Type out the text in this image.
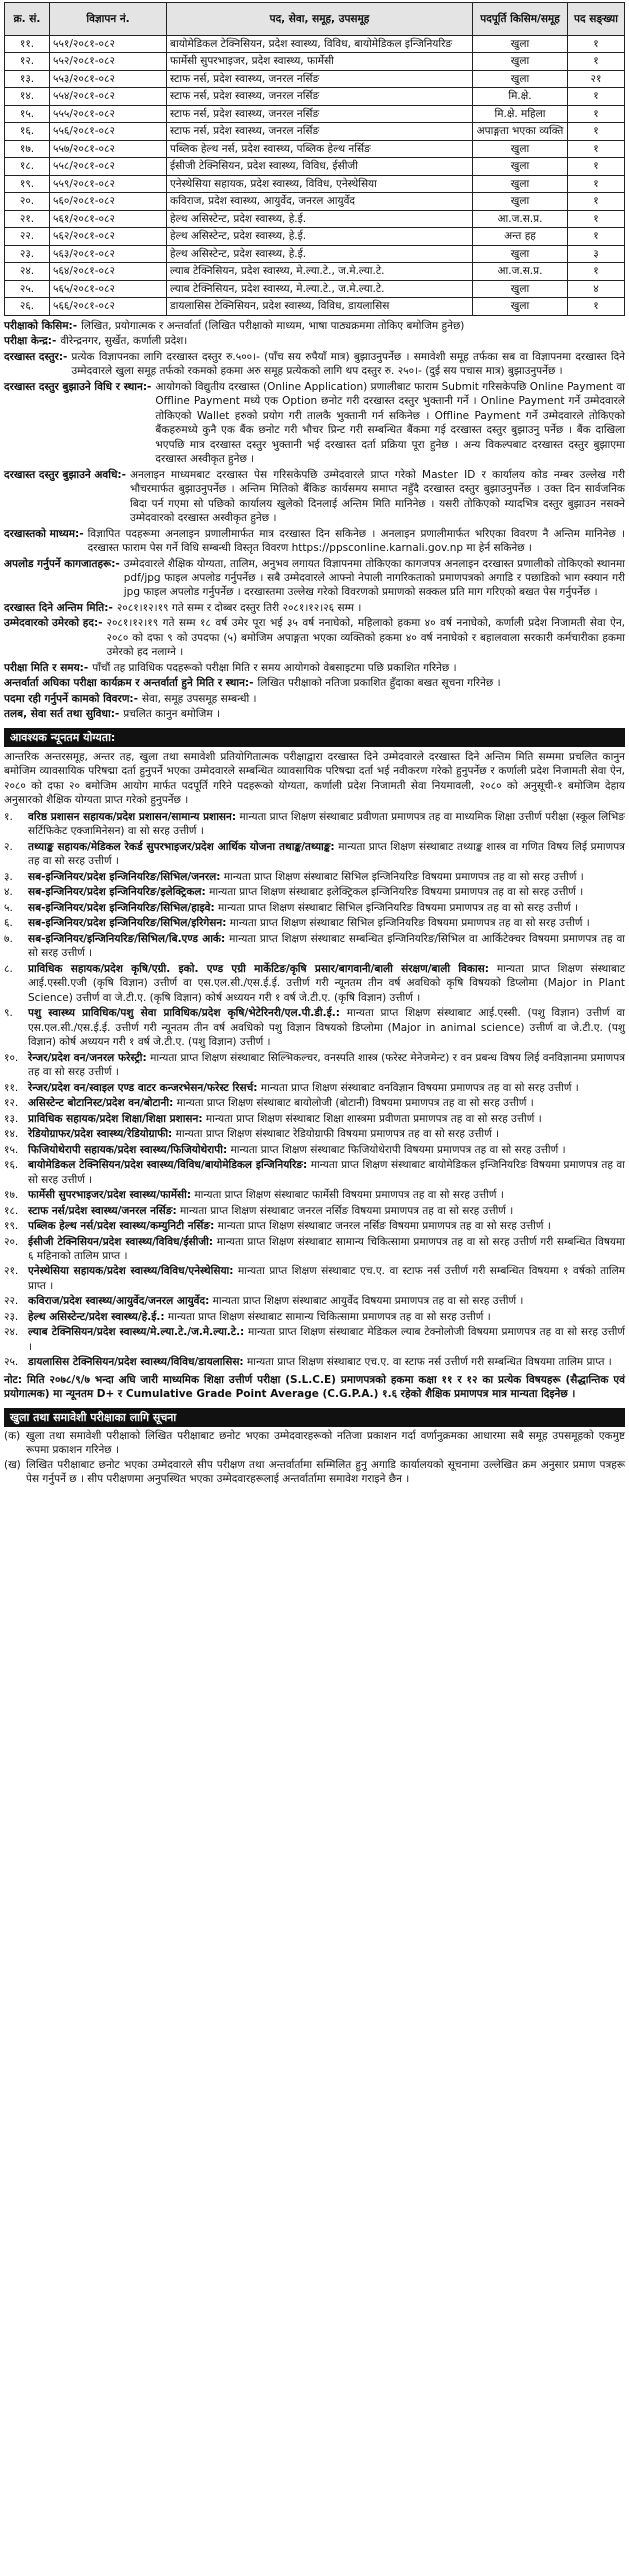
क्र. सं.	विज्ञापन नं.	पद, सेवा, समूह, उपसमूह	पदपूर्ति किसिम/समूह	पद सङ्ख्या
११.	५५१/२०८१-०८२	बायोमेडिकल टेक्निसियन, प्रदेश स्वास्थ्य, विविध, बायोमेडिकल इन्जिनियरिङ	खुला	१
१२.	५५२/२०८१-०८२	फार्मेसी सुपरभाइजर, प्रदेश स्वास्थ्य, फार्मेसी	खुला	१
१३.	५५३/२०८१-०८२	स्टाफ नर्स, प्रदेश स्वास्थ्य, जनरल नर्सिङ	खुला	२१
१४.	५५४/२०८१-०८२	स्टाफ नर्स, प्रदेश स्वास्थ्य, जनरल नर्सिङ	मि.क्षे.	१
१५.	५५५/२०८१-०८२	स्टाफ नर्स, प्रदेश स्वास्थ्य, जनरल नर्सिङ	मि.क्षे. महिला	१
१६.	५५६/२०८१-०८२	स्टाफ नर्स, प्रदेश स्वास्थ्य, जनरल नर्सिङ	अपाङ्गता भएका व्यक्ति	१
१७.	५५७/२०८१-०८२	पब्लिक हेल्थ नर्स, प्रदेश स्वास्थ्य, पब्लिक हेल्थ नर्सिङ	खुला	१
१८.	५५८/२०८१-०८२	ईसीजी टेक्निसियन, प्रदेश स्वास्थ्य, विविध, ईसीजी	खुला	१
१९.	५५९/२०८१-०८२	एनेस्थेसिया सहायक, प्रदेश स्वास्थ्य, विविध, एनेस्थेसिया	खुला	१
२०.	५६०/२०८१-०८२	कविराज, प्रदेश स्वास्थ्य, आयुर्वेद, जनरल आयुर्वेद	खुला	१
२१.	५६१/२०८१-०८२	हेल्थ असिस्टेन्ट, प्रदेश स्वास्थ्य, हे.ई.	आ.ज.स.प्र.	१
२२.	५६२/२०८१-०८२	हेल्थ असिस्टेन्ट, प्रदेश स्वास्थ्य, हे.ई.	अन्त हह	१
२३.	५६३/२०८१-०८२	हेल्थ असिस्टेन्ट, प्रदेश स्वास्थ्य, हे.ई.	खुला	३
२४.	५६४/२०८१-०८२	ल्याब टेक्निसियन, प्रदेश स्वास्थ्य, मे.ल्या.टे., ज.मे.ल्या.टे.	आ.ज.स.प्र.	१
२५.	५६५/२०८१-०८२	ल्याब टेक्निसियन, प्रदेश स्वास्थ्य, मे.ल्या.टे., ज.मे.ल्या.टे.	खुला	४
२६.	५६६/२०८१-०८२	डायलासिस टेक्निसियन, प्रदेश स्वास्थ्य, विविध, डायलासिस	खुला	१
परीक्षाको किसिम:- लिखित, प्रयोगात्मक र अन्तर्वार्ता (लिखित परीक्षाको माध्यम, भाषा पाठ्यक्रममा तोकिए बमोजिम हुनेछ)
परीक्षा केन्द्र:- वीरेन्द्रनगर, सुर्खेत, कर्णाली प्रदेश।
दरखास्त दस्तुर:- प्रत्येक विज्ञापनका लागि दरखास्त दस्तुर रु.५००।- (पाँच सय रुपैयाँ मात्र) बुझाउनुपर्नेछ । समावेशी समूह तर्फका सब वा विज्ञापनमा दरखास्त दिने उम्मेदवारले खुला समूह तर्फको रकमको हकमा अरु समूह प्रत्येकको लागि थप दस्तुर रु. २५०।- (दुई सय पचास मात्र) बुझाउनुपर्नेछ ।
दरखास्त दस्तुर बुझाउने विधि र स्थान:- आयोगको विद्युतीय दरखास्त (Online Application) प्रणालीबाट फाराम Submit गरिसकेपछि Online Payment वा Offline Payment मध्ये एक Option छनोट गरी दरखास्त दस्तुर भुक्तानी गर्ने । Online Payment गर्ने उम्मेदवारले तोकिएको Wallet हरुको प्रयोग गरी तालकै भुक्तानी गर्न सकिनेछ । Offline Payment गर्ने उम्मेदवारले तोकिएको बैंकहरुमध्ये कुनै एक बैंक छनोट गरी भौचर प्रिन्ट गरी सम्बन्धित बैंकमा गई दरखास्त दस्तुर बुझाउनु पर्नेछ । बैंक दाखिला भएपछि मात्र दरखास्त दस्तुर भुक्तानी भई दरखास्त दर्ता प्रक्रिया पूरा हुनेछ । अन्य विकल्पबाट दरखास्त दस्तुर बुझाएमा दरखास्त अस्वीकृत हुनेछ ।
दरखास्त दस्तुर बुझाउने अवधि:- अनलाइन माध्यमबाट दरखास्त पेस गरिसकेपछि उम्मेदवारले प्राप्त गरेको Master ID र कार्यालय कोड नम्बर उल्लेख गरी भौचरमार्फत बुझाउनुपर्नेछ । अन्तिम मितिको बैंकिङ कार्यसमय समाप्त नहुँदै दरखास्त दस्तुर बुझाउनुपर्नेछ । उक्त दिन सार्वजनिक बिदा पर्न गएमा सो पछिको कार्यालय खुलेको दिनलाई अन्तिम मिति मानिनेछ । यसरी तोकिएको म्यादभित्र दस्तुर बुझाउन नसक्ने उम्मेदवारको दरखास्त अस्वीकृत हुनेछ ।
दरखास्तको माध्यम:- विज्ञापित पदहरूमा अनलाइन प्रणालीमार्फत मात्र दरखास्त दिन सकिनेछ । अनलाइन प्रणालीमार्फत भरिएका विवरण नै अन्तिम मानिनेछ । दरखास्त फाराम पेस गर्ने विधि सम्बन्धी विस्तृत विवरण https://ppsconline.karnali.gov.np मा हेर्न सकिनेछ ।
अपलोड गर्नुपर्ने कागजातहरू:- उम्मेदवारले शैक्षिक योग्यता, तालिम, अनुभव लगायत विज्ञापनमा तोकिएका कागजपत्र अनलाइन दरखास्त प्रणालीको तोकिएको स्थानमा pdf/jpg फाइल अपलोड गर्नुपर्नेछ । सबै उम्मेदवारले आफ्नो नेपाली नागरिकताको प्रमाणपत्रको अगाडि र पछाडिको भाग स्क्यान गरी jpg फाइल अपलोड गर्नुपर्नेछ । दरखास्तमा उल्लेख गरेको विवरणको प्रमाणको सक्कल प्रति माग गरिएको बखत पेस गर्नुपर्नेछ ।
दरखास्त दिने अन्तिम मिति:- २०८१।१२।१९ गते सम्म र दोब्बर दस्तुर तिरी २०८१।१२।२६ सम्म ।
उम्मेदवारको उमेरको हद:- २०८१।१२।१९ गते सम्म १८ वर्ष उमेर पूरा भई ३५ वर्ष ननाघेको, महिलाको हकमा ४० वर्ष ननाघेको, कर्णाली प्रदेश निजामती सेवा ऐन, २०८० को दफा ९ को उपदफा (५) बमोजिम अपाङ्गता भएका व्यक्तिको हकमा ४० वर्ष ननाघेको र बहालवाला सरकारी कर्मचारीका हकमा उमेरको हद नलाग्ने ।
परीक्षा मिति र समय:- पाँचौं तह प्राविधिक पदहरूको परीक्षा मिति र समय आयोगको वेबसाइटमा पछि प्रकाशित गरिनेछ ।
अन्तर्वार्ता अघिका परीक्षा कार्यक्रम र अन्तर्वार्ता हुने मिति र स्थान:- लिखित परीक्षाको नतिजा प्रकाशित हुँदाका बखत सूचना गरिनेछ ।
पदमा रही गर्नुपर्ने कामको विवरण:- सेवा, समूह उपसमूह सम्बन्धी ।
तलब, सेवा सर्त तथा सुविधा:- प्रचलित कानुन बमोजिम ।
आवश्यक न्यूनतम योग्यता:
आन्तरिक अन्तरसमूह, अन्तर तह, खुला तथा समावेशी प्रतियोगितात्मक परीक्षाद्वारा दरखास्त दिने उम्मेदवारले दरखास्त दिने अन्तिम मिति सम्ममा प्रचलित कानुन बमोजिम व्यावसायिक परिषद्मा दर्ता हुनुपर्ने भएका उम्मेदवारले सम्बन्धित व्यावसायिक परिषद्मा दर्ता भई नवीकरण गरेको हुनुपर्नेछ र कर्णाली प्रदेश निजामती सेवा ऐन, २०८० को दफा २० बमोजिम आयोग मार्फत पदपूर्ति गरिने पदहरूको योग्यता, कर्णाली प्रदेश निजामती सेवा नियमावली, २०८० को अनुसूची-१ बमोजिम देहाय अनुसारको शैक्षिक योग्यता प्राप्त गरेको हुनुपर्नेछ ।
१.	वरिष्ठ प्रशासन सहायक/प्रदेश प्रशासन/सामान्य प्रशासन: मान्यता प्राप्त शिक्षण संस्थाबाट प्रवीणता प्रमाणपत्र तह वा माध्यमिक शिक्षा उत्तीर्ण परीक्षा (स्कूल लिभिङ सर्टिफिकेट एक्जामिनेसन) वा सो सरह उत्तीर्ण ।
२.	तथ्याङ्क सहायक/मेडिकल रेकर्ड सुपरभाइजर/प्रदेश आर्थिक योजना तथाङ्क/तथ्याङ्क: मान्यता प्राप्त शिक्षण संस्थाबाट तथ्याङ्क शास्त्र वा गणित विषय लिई प्रमाणपत्र तह वा सो सरह उत्तीर्ण ।
३.	सब-इन्जिनियर/प्रदेश इन्जिनियरिङ/सिभिल/जनरल: मान्यता प्राप्त शिक्षण संस्थाबाट सिभिल इन्जिनियरिङ विषयमा प्रमाणपत्र तह वा सो सरह उत्तीर्ण ।
४.	सब-इन्जिनियर/प्रदेश इन्जिनियरिङ/इलेक्ट्रिकल: मान्यता प्राप्त शिक्षण संस्थाबाट इलेक्ट्रिकल इन्जिनियरिङ विषयमा प्रमाणपत्र तह वा सो सरह उत्तीर्ण ।
५.	सब-इन्जिनियर/प्रदेश इन्जिनियरिङ/सिभिल/हाइवे: मान्यता प्राप्त शिक्षण संस्थाबाट सिभिल इन्जिनियरिङ विषयमा प्रमाणपत्र तह वा सो सरह उत्तीर्ण ।
६.	सब-इन्जिनियर/प्रदेश इन्जिनियरिङ/सिभिल/इरिगेसन: मान्यता प्राप्त शिक्षण संस्थाबाट सिभिल इन्जिनियरिङ विषयमा प्रमाणपत्र तह वा सो सरह उत्तीर्ण ।
७.	सब-इन्जिनियर/इन्जिनियरिङ/सिभिल/बि.एण्ड आर्क: मान्यता प्राप्त शिक्षण संस्थाबाट सम्बन्धित इन्जिनियरिङ/सिभिल वा आर्किटेक्चर विषयमा प्रमाणपत्र तह वा सो सरह उत्तीर्ण ।
८.	प्राविधिक सहायक/प्रदेश कृषि/एग्री. इको. एण्ड एग्री मार्केटिङ/कृषि प्रसार/बागवानी/बाली संरक्षण/बाली विकास: मान्यता प्राप्त शिक्षण संस्थाबाट आई.एस्सी.एजी (कृषि विज्ञान) उत्तीर्ण वा एस.एल.सी./एस.ई.ई. उत्तीर्ण गरी न्यूनतम तीन वर्ष अवधिको कृषि विषयको डिप्लोमा (Major in Plant Science) उत्तीर्ण वा जे.टी.ए. (कृषि विज्ञान) कोर्ष अध्ययन गरी १ वर्ष जे.टी.ए. (कृषि विज्ञान) उत्तीर्ण ।
९.	पशु स्वास्थ्य प्राविधिक/पशु सेवा प्राविधिक/प्रदेश कृषि/भेटेरिनरी/एल.पी.डी.ई.: मान्यता प्राप्त शिक्षण संस्थाबाट आई.एस्सी. (पशु विज्ञान) उत्तीर्ण वा एस.एल.सी./एस.ई.ई. उत्तीर्ण गरी न्यूनतम तीन वर्ष अवधिको पशु विज्ञान विषयको डिप्लोमा (Major in animal science) उत्तीर्ण वा जे.टी.ए. (पशु विज्ञान) कोर्ष अध्ययन गरी १ वर्ष जे.टी.ए. (पशु विज्ञान) उत्तीर्ण ।
१०. रेन्जर/प्रदेश वन/जनरल फरेस्ट्री: मान्यता प्राप्त शिक्षण संस्थाबाट सिल्भिकल्चर, वनस्पति शास्त्र (फरेस्ट मेनेजमेन्ट) र वन प्रबन्ध विषय लिई वनविज्ञानमा प्रमाणपत्र तह वा सो सरह उत्तीर्ण ।
११. रेन्जर/प्रदेश वन/स्वाइल एण्ड वाटर कन्जरभेसन/फरेस्ट रिसर्च: मान्यता प्राप्त शिक्षण संस्थाबाट वनविज्ञान विषयमा प्रमाणपत्र तह वा सो सरह उत्तीर्ण ।
१२. असिस्टेन्ट बोटानिस्ट/प्रदेश वन/बोटानी: मान्यता प्राप्त शिक्षण संस्थाबाट बायोलोजी (बोटानी) विषयमा प्रमाणपत्र तह वा सो सरह उत्तीर्ण ।
१३. प्राविधिक सहायक/प्रदेश शिक्षा/शिक्षा प्रशासन: मान्यता प्राप्त शिक्षण संस्थाबाट शिक्षा शास्त्रमा प्रवीणता प्रमाणपत्र तह वा सो सरह उत्तीर्ण ।
१४. रेडियोग्राफर/प्रदेश स्वास्थ्य/रेडियोग्राफी: मान्यता प्राप्त शिक्षण संस्थाबाट रेडियोग्राफी विषयमा प्रमाणपत्र तह वा सो सरह उत्तीर्ण ।
१५. फिजियोथेरापी सहायक/प्रदेश स्वास्थ्य/फिजियोथेरापी: मान्यता प्राप्त शिक्षण संस्थाबाट फिजियोथेरापी विषयमा प्रमाणपत्र तह वा सो सरह उत्तीर्ण ।
१६. बायोमेडिकल टेक्निसियन/प्रदेश स्वास्थ्य/विविध/बायोमेडिकल इन्जिनियरिङ: मान्यता प्राप्त शिक्षण संस्थाबाट बायोमेडिकल इन्जिनियरिङ विषयमा प्रमाणपत्र तह वा सो सरह उत्तीर्ण ।
१७. फार्मेसी सुपरभाइजर/प्रदेश स्वास्थ्य/फार्मेसी: मान्यता प्राप्त शिक्षण संस्थाबाट फार्मेसी विषयमा प्रमाणपत्र तह वा सो सरह उत्तीर्ण ।
१८. स्टाफ नर्स/प्रदेश स्वास्थ्य/जनरल नर्सिङ: मान्यता प्राप्त शिक्षण संस्थाबाट जनरल नर्सिङ विषयमा प्रमाणपत्र तह वा सो सरह उत्तीर्ण ।
१९. पब्लिक हेल्थ नर्स/प्रदेश स्वास्थ्य/कम्युनिटी नर्सिङ: मान्यता प्राप्त शिक्षण संस्थाबाट जनरल नर्सिङ विषयमा प्रमाणपत्र तह वा सो सरह उत्तीर्ण ।
२०. ईसीजी टेक्निसियन/प्रदेश स्वास्थ्य/विविध/ईसीजी: मान्यता प्राप्त शिक्षण संस्थाबाट सामान्य चिकित्सामा प्रमाणपत्र तह वा सो सरह उत्तीर्ण गरी सम्बन्धित विषयमा ६ महिनाको तालिम प्राप्त ।
२१. एनेस्थेसिया सहायक/प्रदेश स्वास्थ्य/विविध/एनेस्थेसिया: मान्यता प्राप्त शिक्षण संस्थाबाट एच.ए. वा स्टाफ नर्स उत्तीर्ण गरी सम्बन्धित विषयमा १ वर्षको तालिम प्राप्त ।
२२. कविराज/प्रदेश स्वास्थ्य/आयुर्वेद/जनरल आयुर्वेद: मान्यता प्राप्त शिक्षण संस्थाबाट आयुर्वेद विषयमा प्रमाणपत्र तह वा सो सरह उत्तीर्ण ।
२३. हेल्थ असिस्टेन्ट/प्रदेश स्वास्थ्य/हे.ई.: मान्यता प्राप्त शिक्षण संस्थाबाट सामान्य चिकित्सामा प्रमाणपत्र तह वा सो सरह उत्तीर्ण ।
२४. ल्याब टेक्निसियन/प्रदेश स्वास्थ्य/मे.ल्या.टे./ज.मे.ल्या.टे.: मान्यता प्राप्त शिक्षण संस्थाबाट मेडिकल ल्याब टेक्नोलोजी विषयमा प्रमाणपत्र तह वा सो सरह उत्तीर्ण ।
२५. डायलासिस टेक्निसियन/प्रदेश स्वास्थ्य/विविध/डायलासिस: मान्यता प्राप्त शिक्षण संस्थाबाट एच.ए. वा स्टाफ नर्स उत्तीर्ण गरी सम्बन्धित विषयमा तालिम प्राप्त ।
नोट: मिति २०७८/९/७ भन्दा अघि जारी माध्यमिक शिक्षा उत्तीर्ण परीक्षा (S.L.C.E) प्रमाणपत्रको हकमा कक्षा ११ र १२ का प्रत्येक विषयहरू (सैद्धान्तिक एवं प्रयोगात्मक) मा न्यूनतम D+ र Cumulative Grade Point Average (C.G.P.A.) १.६ रहेको शैक्षिक प्रमाणपत्र मात्र मान्यता दिइनेछ ।
खुला तथा समावेशी परीक्षाका लागि सूचना
(क) खुला तथा समावेशी परीक्षाको लिखित परीक्षाबाट छनोट भएका उम्मेदवारहरूको नतिजा प्रकाशन गर्दा वर्णानुक्रमका आधारमा सबै समूह उपसमूहको एकमुष्ट रूपमा प्रकाशन गरिनेछ ।
(ख) लिखित परीक्षाबाट छनोट भएका उम्मेदवारले सीप परीक्षण तथा अन्तर्वार्तामा सम्मिलित हुनु अगाडि कार्यालयको सूचनामा उल्लेखित क्रम अनुसार प्रमाण पत्रहरू पेस गर्नुपर्ने छ । सीप परीक्षणमा अनुपस्थित भएका उम्मेदवारहरूलाई अन्तर्वार्तामा समावेश गराइने छैन ।
